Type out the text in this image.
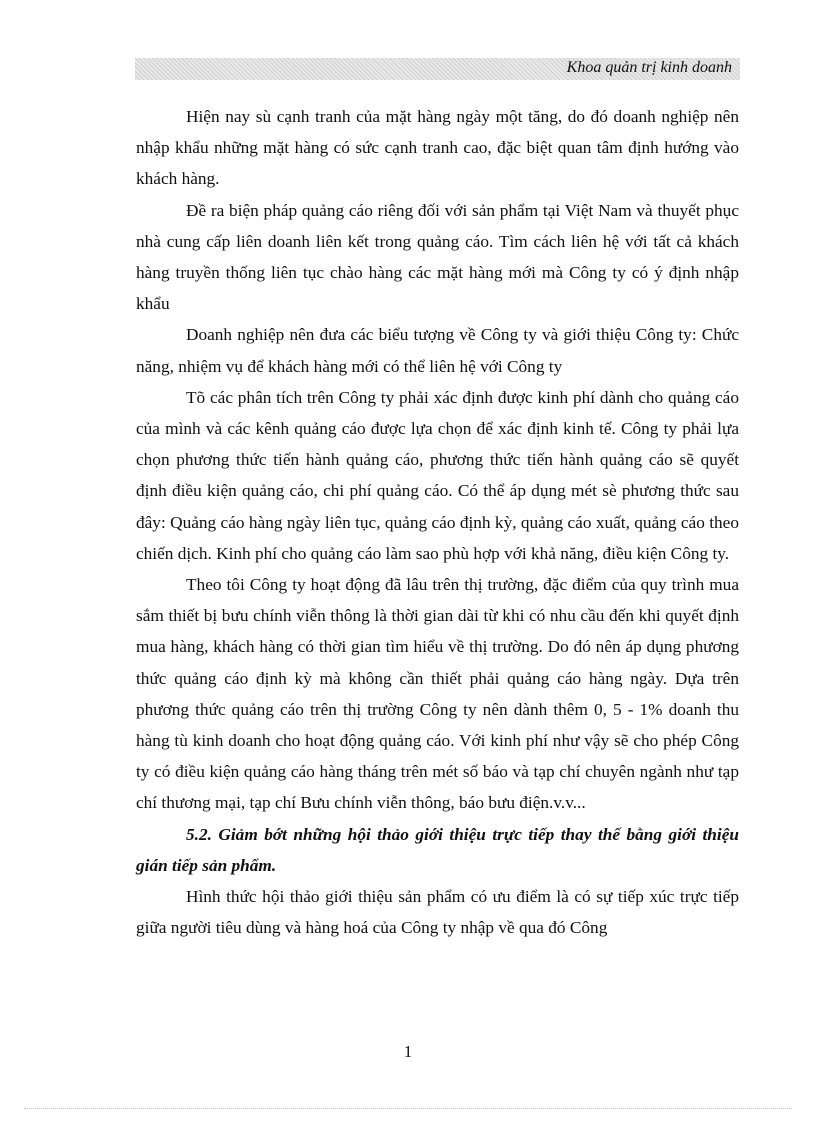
Khoa quản trị kinh doanh

Hiện nay sù cạnh tranh của mặt hàng ngày một tăng, do đó doanh nghiệp nên nhập khẩu những mặt hàng có sức cạnh tranh cao, đặc biệt quan tâm định hướng vào khách hàng.

Đề ra biện pháp quảng cáo riêng đối với sản phẩm tại Việt Nam và thuyết phục nhà cung cấp liên doanh liên kết trong quảng cáo. Tìm cách liên hệ với tất cả khách hàng truyền thống liên tục chào hàng các mặt hàng mới mà Công ty có ý định nhập khẩu

Doanh nghiệp nên đưa các biểu tượng về Công ty và giới thiệu Công ty: Chức năng, nhiệm vụ để khách hàng mới có thể liên hệ với Công ty

Tõ các phân tích trên Công ty phải xác định được kinh phí dành cho quảng cáo của mình và các kênh quảng cáo được lựa chọn để xác định kinh tế. Công ty phải lựa chọn phương thức tiến hành quảng cáo, phương thức tiến hành quảng cáo sẽ quyết định điều kiện quảng cáo, chi phí quảng cáo. Có thể áp dụng mét sè phương thức sau đây: Quảng cáo hàng ngày liên tục, quảng cáo định kỳ, quảng cáo xuất, quảng cáo theo chiến dịch. Kinh phí cho quảng cáo làm sao phù hợp với khả năng, điều kiện Công ty.

Theo tôi Công ty hoạt động đã lâu trên thị trường, đặc điểm của quy trình mua sắm thiết bị bưu chính viễn thông là thời gian dài từ khi có nhu cầu đến khi quyết định mua hàng, khách hàng có thời gian tìm hiểu về thị trường. Do đó nên áp dụng phương thức quảng cáo định kỳ mà không cần thiết phải quảng cáo hàng ngày. Dựa trên phương thức quảng cáo trên thị trường Công ty nên dành thêm 0, 5 - 1% doanh thu hàng tù kinh doanh cho hoạt động quảng cáo. Với kinh phí như vậy sẽ cho phép Công ty có điều kiện quảng cáo hàng tháng trên mét số báo và tạp chí chuyên ngành như tạp chí thương mại, tạp chí Bưu chính viễn thông, báo bưu điện.v.v...

5.2. Giảm bớt những hội thảo giới thiệu trực tiếp thay thế bằng giới thiệu gián tiếp sản phẩm.

Hình thức hội thảo giới thiệu sản phẩm có ưu điểm là có sự tiếp xúc trực tiếp giữa người tiêu dùng và hàng hoá của Công ty nhập về qua đó Công

1
